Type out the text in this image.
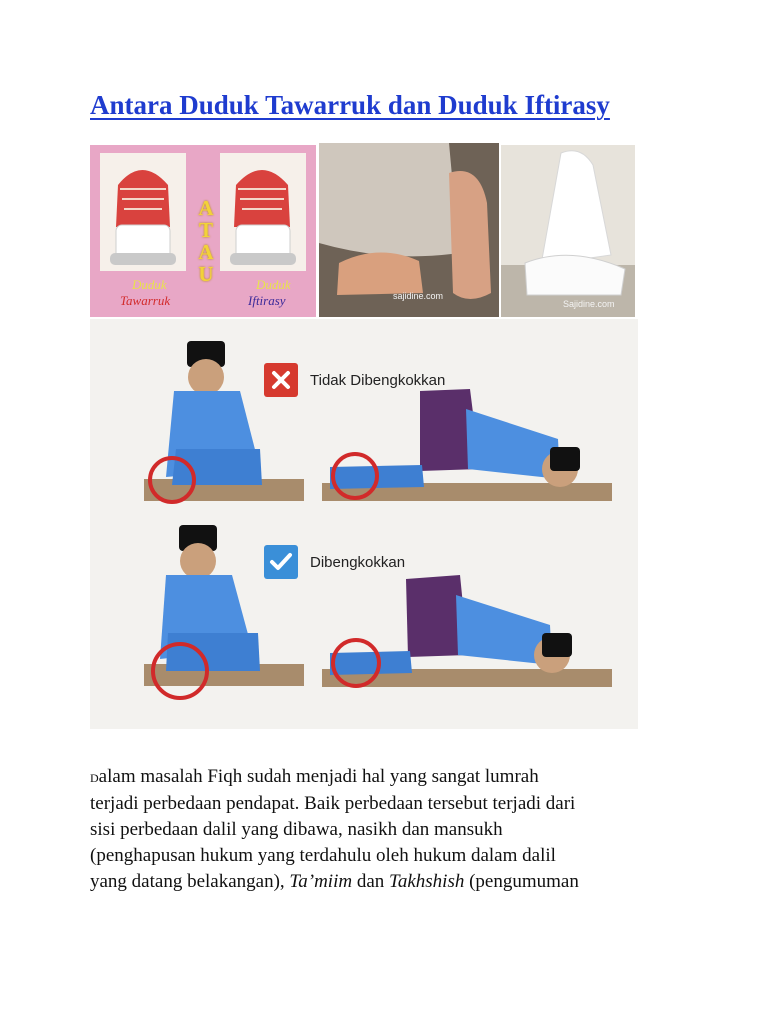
Antara Duduk Tawarruk dan Duduk Iftirasy
A
T
A
U
Duduk
Tawarruk
Duduk
Iftirasy	sajidine.com
Sajidine.com
Tidak Dibengkokkan
Dibengkokkan

Dalam masalah Fiqh sudah menjadi hal yang sangat lumrah
terjadi perbedaan pendapat. Baik perbedaan tersebut terjadi dari
sisi perbedaan dalil yang dibawa, nasikh dan mansukh
(penghapusan hukum yang terdahulu oleh hukum dalam dalil
yang datang belakangan), Ta’miim dan Takhshish (pengumuman
